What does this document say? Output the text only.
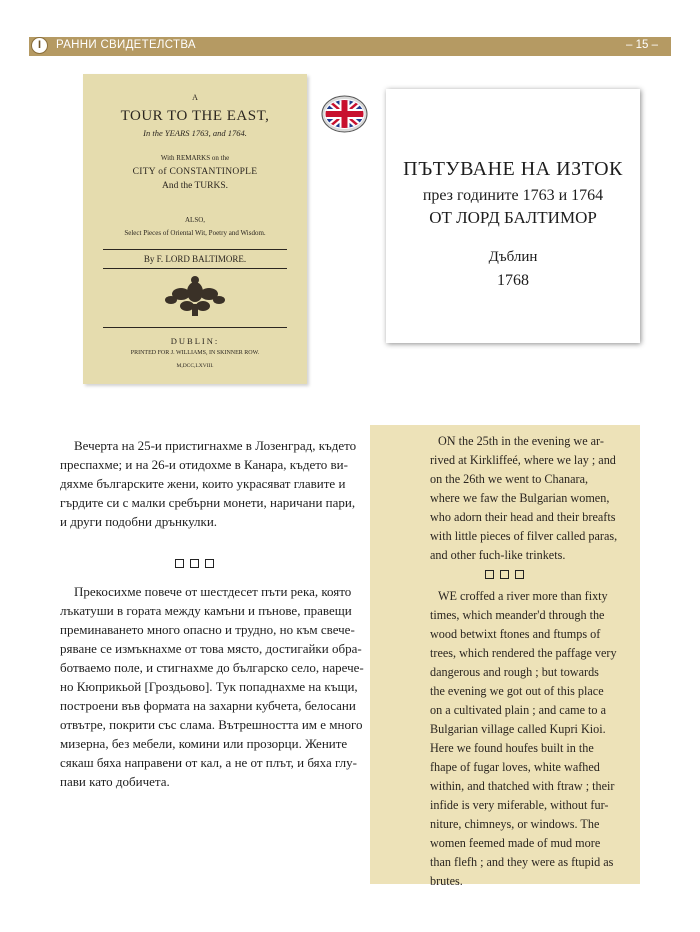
I	РАННИ СВИДЕТЕЛСТВА	– 15 –
A
TOUR TO THE EAST,
In the YEARS 1763, and 1764.
With REMARKS on the
CITY of CONSTANTINOPLE
And the TURKS.
ALSO,
Select Pieces of Oriental Wit, Poetry and Wisdom.
By F. LORD BALTIMORE.
DUBLIN:
PRINTED FOR J. WILLIAMS, IN SKINNER ROW.
M,DCC,LXVIII.
ПЪТУВАНЕ НА ИЗТОК
през годините 1763 и 1764
ОТ ЛОРД БАЛТИМОР
Дъблин
1768
Вечерта на 25-и пристигнахме в Лозенград, където
преспахме; и на 26-и отидохме в Канара, където ви-
дяхме българските жени, които украсяват главите и
гърдите си с малки сребърни монети, наричани пари,
и други подобни дрънкулки.
Прекосихме повече от шестдесет пъти река, която
лъкатуши в гората между камъни и пънове, правещи
преминаването много опасно и трудно, но към свече-
ряване се измъкнахме от това място, достигайки обра-
ботваемо поле, и стигнахме до българско село, нарече-
но Кюприкьой [Гроздьово]. Тук попаднахме на къщи,
построени във формата на захарни кубчета, белосани
отвътре, покрити със слама. Вътрешността им е много
мизерна, без мебели, комини или прозорци. Жените
сякаш бяха направени от кал, а не от плът, и бяха глу-
пави като добичета.
ON the 25th in the evening we ar-
rived at Kirkliffeé, where we lay ; and
on the 26th we went to Chanara,
where we faw the Bulgarian women,
who adorn their head and their breafts
with little pieces of filver called paras,
and other fuch-like trinkets.
WE croffed a river more than fixty
times, which meander'd through the
wood betwixt ftones and ftumps of
trees, which rendered the paffage very
dangerous and rough ; but towards
the evening we got out of this place
on a cultivated plain ; and came to a
Bulgarian village called Kupri Kioi.
Here we found houfes built in the
fhape of fugar loves, white wafhed
within, and thatched with ftraw ; their
infide is very miferable, without fur-
niture, chimneys, or windows. The
women feemed made of mud more
than flefh ; and they were as ftupid as
brutes.
